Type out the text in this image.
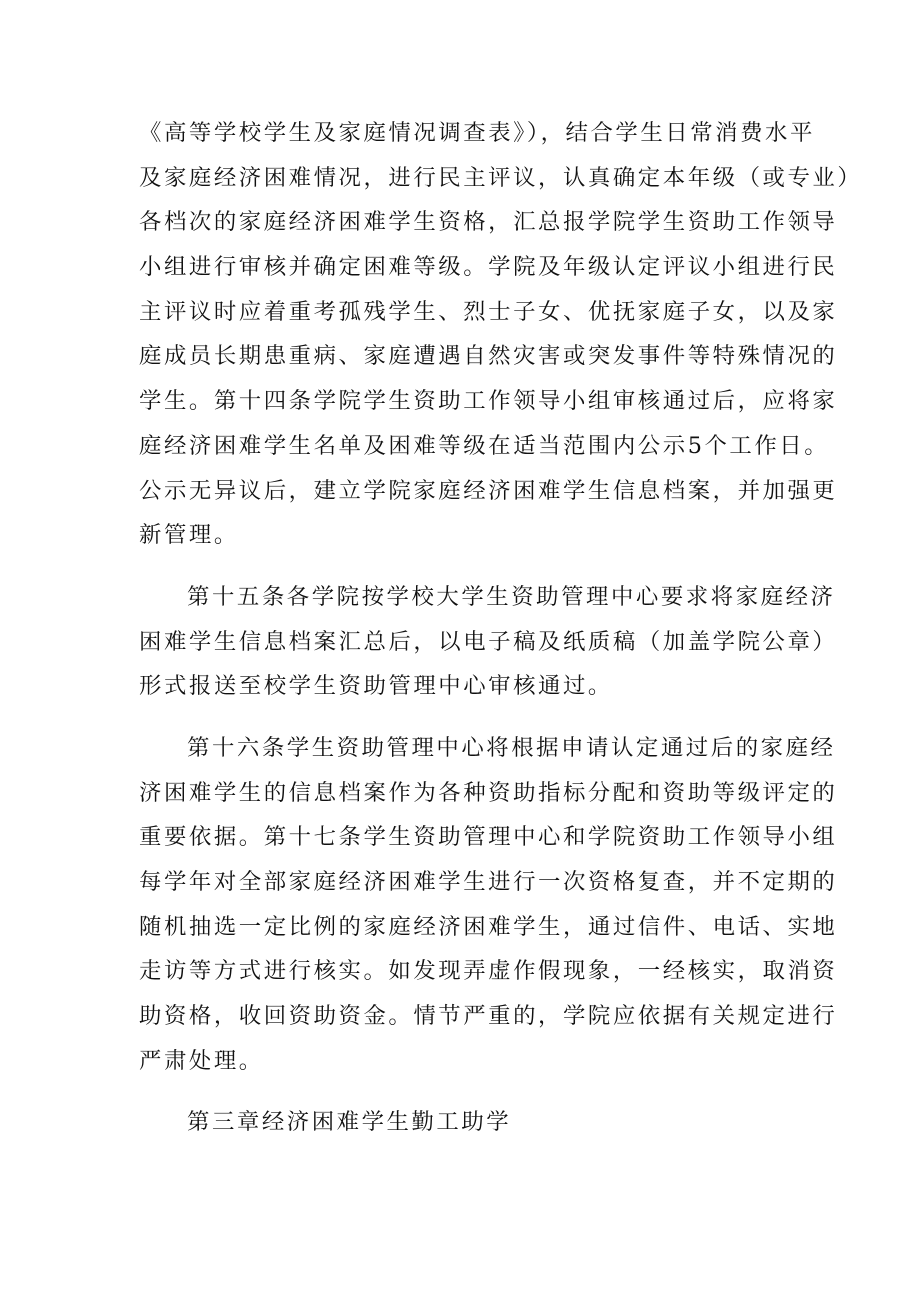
《高等学校学生及家庭情况调查表》），结合学生日常消费水平
及家庭经济困难情况，进行民主评议，认真确定本年级（或专业）
各档次的家庭经济困难学生资格，汇总报学院学生资助工作领导
小组进行审核并确定困难等级。学院及年级认定评议小组进行民
主评议时应着重考孤残学生、烈士子女、优抚家庭子女，以及家
庭成员长期患重病、家庭遭遇自然灾害或突发事件等特殊情况的
学生。第十四条学院学生资助工作领导小组审核通过后，应将家
庭经济困难学生名单及困难等级在适当范围内公示5个工作日。
公示无异议后，建立学院家庭经济困难学生信息档案，并加强更
新管理。
第十五条各学院按学校大学生资助管理中心要求将家庭经济
困难学生信息档案汇总后，以电子稿及纸质稿（加盖学院公章）
形式报送至校学生资助管理中心审核通过。
第十六条学生资助管理中心将根据申请认定通过后的家庭经
济困难学生的信息档案作为各种资助指标分配和资助等级评定的
重要依据。第十七条学生资助管理中心和学院资助工作领导小组
每学年对全部家庭经济困难学生进行一次资格复查，并不定期的
随机抽选一定比例的家庭经济困难学生，通过信件、电话、实地
走访等方式进行核实。如发现弄虚作假现象，一经核实，取消资
助资格，收回资助资金。情节严重的，学院应依据有关规定进行
严肃处理。
第三章经济困难学生勤工助学
